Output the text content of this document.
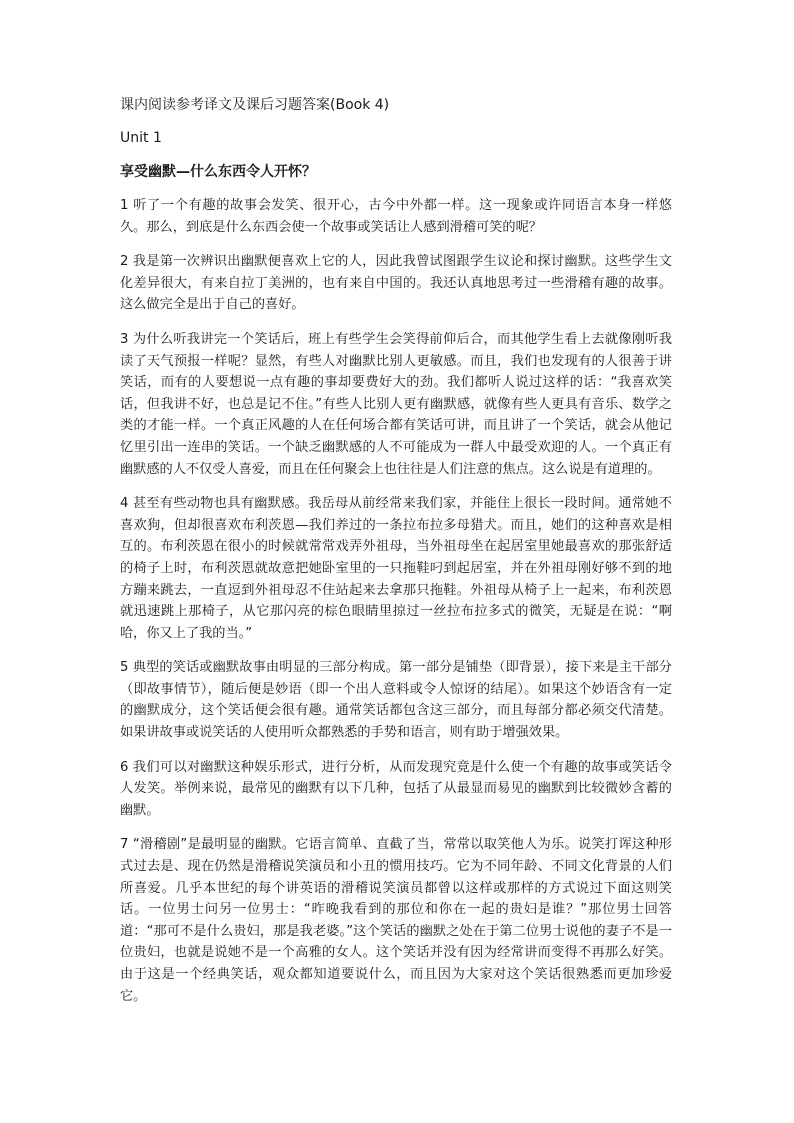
课内阅读参考译文及课后习题答案(Book 4)
Unit 1
享受幽默—什么东西令人开怀？

1 听了一个有趣的故事会发笑、很开心，古今中外都一样。这一现象或许同语言本身一样悠久。那么，到底是什么东西会使一个故事或笑话让人感到滑稽可笑的呢？

2 我是第一次辨识出幽默便喜欢上它的人，因此我曾试图跟学生议论和探讨幽默。这些学生文化差异很大，有来自拉丁美洲的，也有来自中国的。我还认真地思考过一些滑稽有趣的故事。这么做完全是出于自己的喜好。

3 为什么听我讲完一个笑话后，班上有些学生会笑得前仰后合，而其他学生看上去就像刚听我读了天气预报一样呢？显然，有些人对幽默比别人更敏感。而且，我们也发现有的人很善于讲笑话，而有的人要想说一点有趣的事却要费好大的劲。我们都听人说过这样的话：“我喜欢笑话，但我讲不好，也总是记不住。”有些人比别人更有幽默感，就像有些人更具有音乐、数学之类的才能一样。一个真正风趣的人在任何场合都有笑话可讲，而且讲了一个笑话，就会从他记忆里引出一连串的笑话。一个缺乏幽默感的人不可能成为一群人中最受欢迎的人。一个真正有幽默感的人不仅受人喜爱，而且在任何聚会上也往往是人们注意的焦点。这么说是有道理的。

4 甚至有些动物也具有幽默感。我岳母从前经常来我们家，并能住上很长一段时间。通常她不喜欢狗，但却很喜欢布利茨恩—我们养过的一条拉布拉多母猎犬。而且，她们的这种喜欢是相互的。布利茨恩在很小的时候就常常戏弄外祖母，当外祖母坐在起居室里她最喜欢的那张舒适的椅子上时，布利茨恩就故意把她卧室里的一只拖鞋叼到起居室，并在外祖母刚好够不到的地方蹦来跳去，一直逗到外祖母忍不住站起来去拿那只拖鞋。外祖母从椅子上一起来，布利茨恩就迅速跳上那椅子，从它那闪亮的棕色眼睛里掠过一丝拉布拉多式的微笑，无疑是在说：“啊哈，你又上了我的当。”

5 典型的笑话或幽默故事由明显的三部分构成。第一部分是铺垫（即背景），接下来是主干部分（即故事情节），随后便是妙语（即一个出人意料或令人惊讶的结尾）。如果这个妙语含有一定的幽默成分，这个笑话便会很有趣。通常笑话都包含这三部分，而且每部分都必须交代清楚。如果讲故事或说笑话的人使用听众都熟悉的手势和语言，则有助于增强效果。

6 我们可以对幽默这种娱乐形式，进行分析，从而发现究竟是什么使一个有趣的故事或笑话令人发笑。举例来说，最常见的幽默有以下几种，包括了从最显而易见的幽默到比较微妙含蓄的幽默。

7 “滑稽剧”是最明显的幽默。它语言简单、直截了当，常常以取笑他人为乐。说笑打诨这种形式过去是、现在仍然是滑稽说笑演员和小丑的惯用技巧。它为不同年龄、不同文化背景的人们所喜爱。几乎本世纪的每个讲英语的滑稽说笑演员都曾以这样或那样的方式说过下面这则笑话。一位男士问另一位男士：“昨晚我看到的那位和你在一起的贵妇是谁？”那位男士回答道：“那可不是什么贵妇，那是我老婆。”这个笑话的幽默之处在于第二位男士说他的妻子不是一位贵妇，也就是说她不是一个高雅的女人。这个笑话并没有因为经常讲而变得不再那么好笑。由于这是一个经典笑话，观众都知道要说什么，而且因为大家对这个笑话很熟悉而更加珍爱它。
